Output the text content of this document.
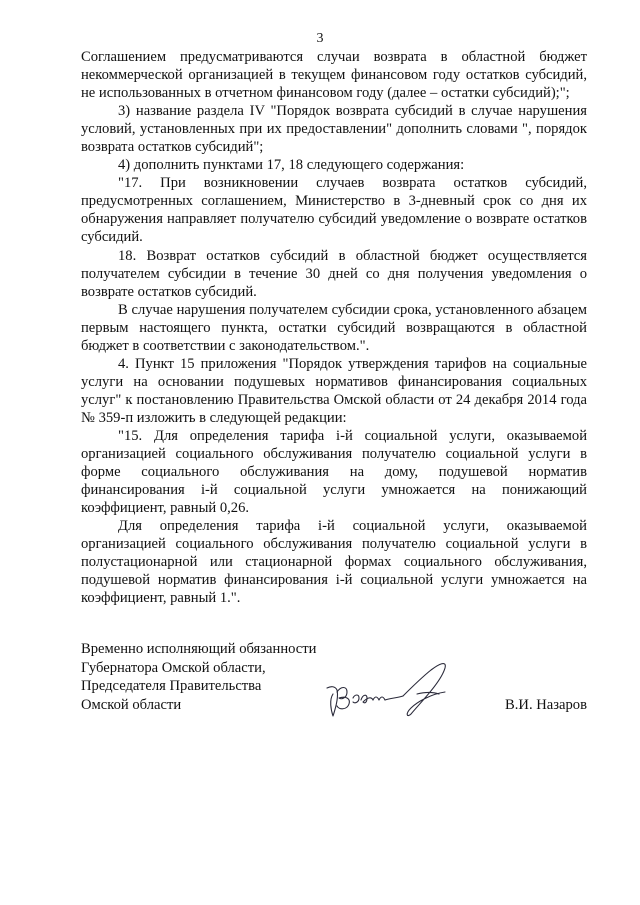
3

Соглашением предусматриваются случаи возврата в областной бюджет некоммерческой организацией в текущем финансовом году остатков субсидий, не использованных в отчетном финансовом году (далее – остатки субсидий);";

3) название раздела IV "Порядок возврата субсидий в случае нарушения условий, установленных при их предоставлении" дополнить словами ", порядок возврата остатков субсидий";

4) дополнить пунктами 17, 18 следующего содержания:

"17. При возникновении случаев возврата остатков субсидий, предусмотренных соглашением, Министерство в 3-дневный срок со дня их обнаружения направляет получателю субсидий уведомление о возврате остатков субсидий.

18. Возврат остатков субсидий в областной бюджет осуществляется получателем субсидии в течение 30 дней со дня получения уведомления о возврате остатков субсидий.

В случае нарушения получателем субсидии срока, установленного абзацем первым настоящего пункта, остатки субсидий возвращаются в областной бюджет в соответствии с законодательством.".

4. Пункт 15 приложения "Порядок утверждения тарифов на социальные услуги на основании подушевых нормативов финансирования социальных услуг" к постановлению Правительства Омской области от 24 декабря 2014 года № 359-п изложить в следующей редакции:

"15. Для определения тарифа i-й социальной услуги, оказываемой организацией социального обслуживания получателю социальной услуги в форме социального обслуживания на дому, подушевой норматив финансирования i-й социальной услуги умножается на понижающий коэффициент, равный 0,26.

Для определения тарифа i-й социальной услуги, оказываемой организацией социального обслуживания получателю социальной услуги в полустационарной или стационарной формах социального обслуживания, подушевой норматив финансирования i-й социальной услуги умножается на коэффициент, равный 1.".

Временно исполняющий обязанности
Губернатора Омской области,
Председателя Правительства
Омской области	В.И. Назаров
